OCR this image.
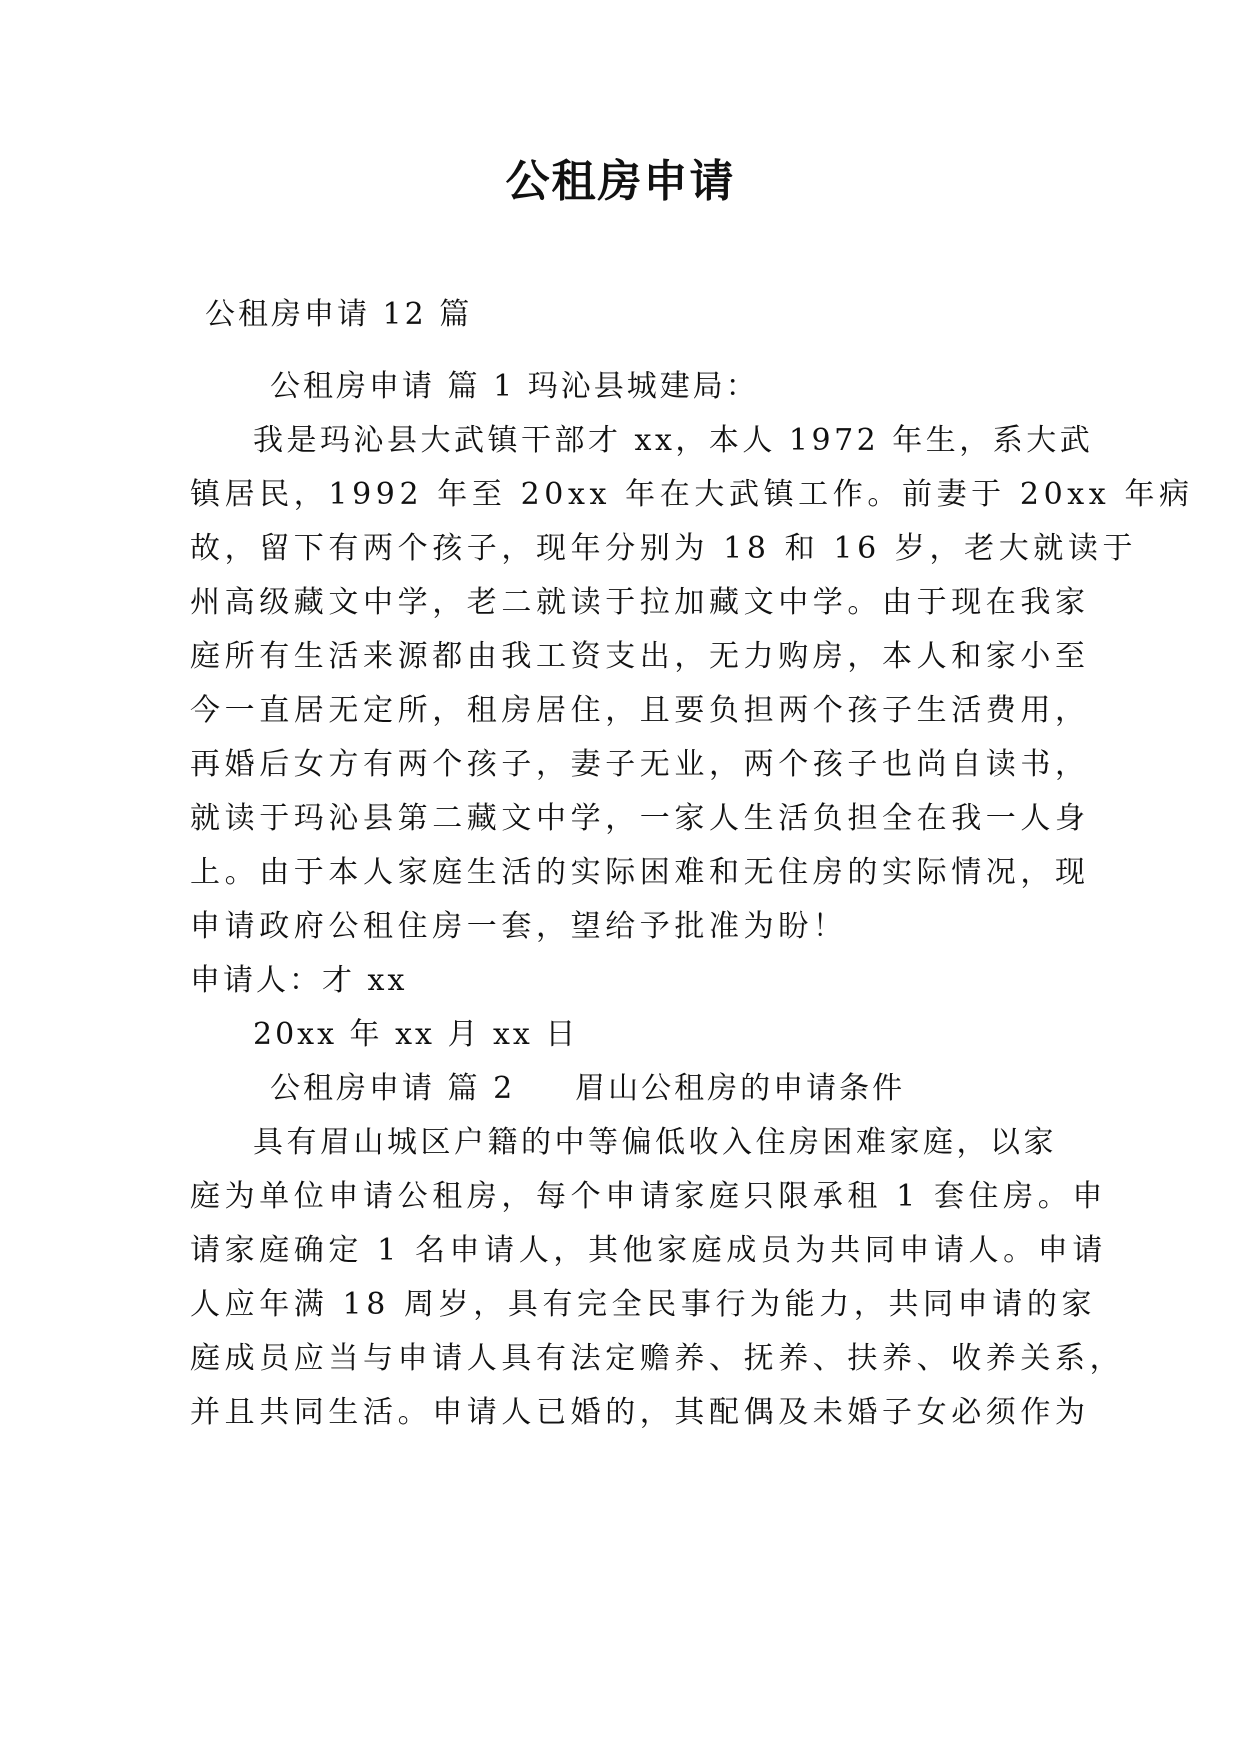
公租房申请
公租房申请 12 篇
公租房申请 篇 1 玛沁县城建局：
我是玛沁县大武镇干部才 xx，本人 1972 年生，系大武
镇居民，1992 年至 20xx 年在大武镇工作。前妻于 20xx 年病
故，留下有两个孩子，现年分别为 18 和 16 岁，老大就读于
州高级藏文中学，老二就读于拉加藏文中学。由于现在我家
庭所有生活来源都由我工资支出，无力购房，本人和家小至
今一直居无定所，租房居住，且要负担两个孩子生活费用，
再婚后女方有两个孩子，妻子无业，两个孩子也尚自读书，
就读于玛沁县第二藏文中学，一家人生活负担全在我一人身
上。由于本人家庭生活的实际困难和无住房的实际情况，现
申请政府公租住房一套，望给予批准为盼！
申请人：才 xx
20xx 年 xx 月 xx 日
公租房申请 篇 2 眉山公租房的申请条件
具有眉山城区户籍的中等偏低收入住房困难家庭，以家
庭为单位申请公租房，每个申请家庭只限承租 1 套住房。申
请家庭确定 1 名申请人，其他家庭成员为共同申请人。申请
人应年满 18 周岁，具有完全民事行为能力，共同申请的家
庭成员应当与申请人具有法定赡养、抚养、扶养、收养关系，
并且共同生活。申请人已婚的，其配偶及未婚子女必须作为
